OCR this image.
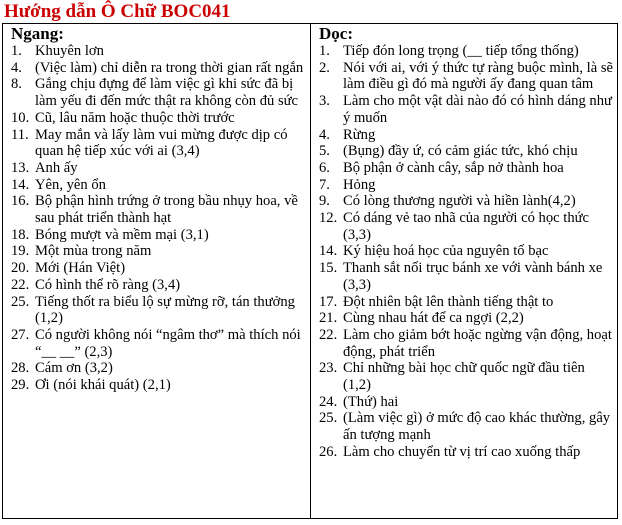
Hướng dẫn Ô Chữ BOC041

Ngang:

1. Khuyên lơn
4. (Việc làm) chỉ diễn ra trong thời gian rất ngắn
8. Gắng chịu đựng để làm việc gì khi sức đã bị làm yếu đi đến mức thật ra không còn đủ sức
10. Cũ, lâu năm hoặc thuộc thời trước
11. May mắn và lấy làm vui mừng được dịp có quan hệ tiếp xúc với ai (3,4)
13. Anh ấy
14. Yên, yên ổn
16. Bộ phận hình trứng ở trong bầu nhụy hoa, về sau phát triển thành hạt
18. Bóng mượt và mềm mại (3,1)
19. Một mùa trong năm
20. Mới (Hán Việt)
22. Có hình thể rõ ràng (3,4)
25. Tiếng thốt ra biểu lộ sự mừng rỡ, tán thưởng (1,2)
27. Có người không nói “ngâm thơ” mà thích nói “__ __” (2,3)
28. Cám ơn (3,2)
29. Ơi (nói khái quát) (2,1)

Dọc:

1. Tiếp đón long trọng (__ tiếp tổng thống)
2. Nói với ai, với ý thức tự ràng buộc mình, là sẽ làm điều gì đó mà người ấy đang quan tâm
3. Làm cho một vật dài nào đó có hình dáng như ý muốn
4. Rừng
5. (Bụng) đầy ứ, có cảm giác tức, khó chịu
6. Bộ phận ở cành cây, sắp nở thành hoa
7. Hỏng
9. Có lòng thương người và hiền lành(4,2)
12. Có dáng vẻ tao nhã của người có học thức (3,3)
14. Ký hiệu hoá học của nguyên tố bạc
15. Thanh sắt nối trục bánh xe với vành bánh xe (3,3)
17. Đột nhiên bật lên thành tiếng thật to
21. Cùng nhau hát để ca ngợi (2,2)
22. Làm cho giảm bớt hoặc ngừng vận động, hoạt động, phát triển
23. Chỉ những bài học chữ quốc ngữ đầu tiên (1,2)
24. (Thứ) hai
25. (Làm việc gì) ở mức độ cao khác thường, gây ấn tượng mạnh
26. Làm cho chuyển từ vị trí cao xuống thấp
